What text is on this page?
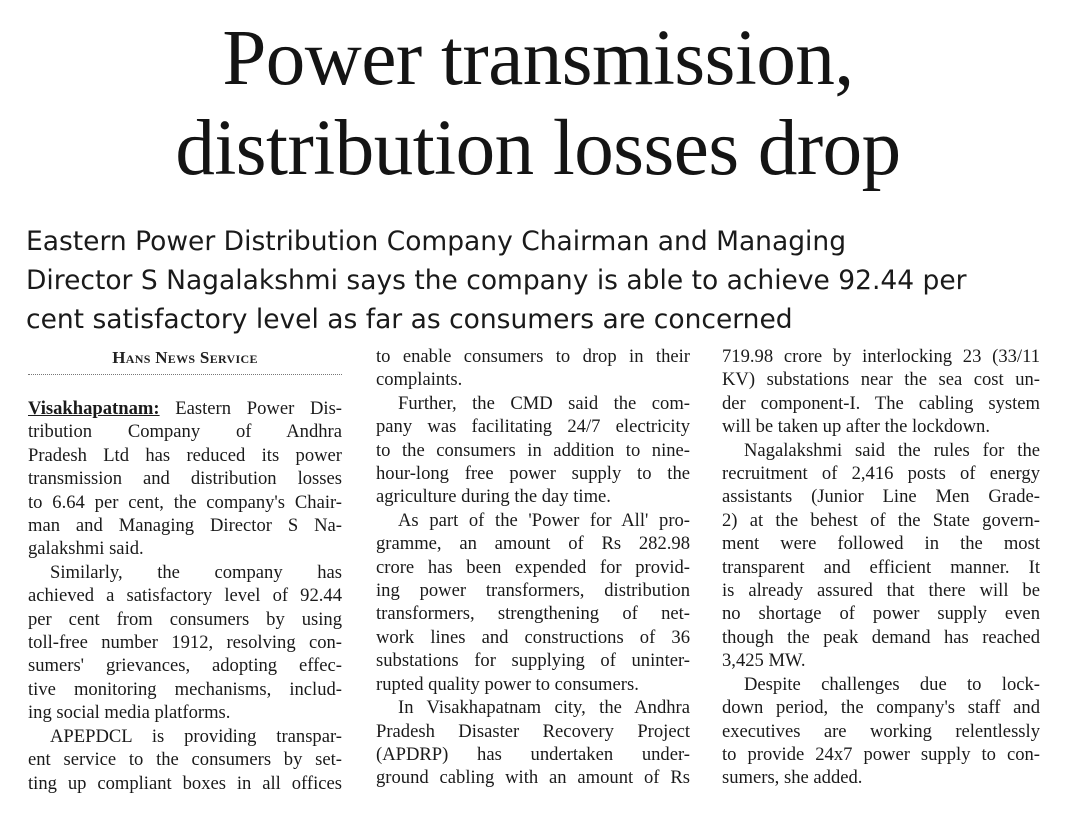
Power transmission,
distribution losses drop
Eastern Power Distribution Company Chairman and Managing
Director S Nagalakshmi says the company is able to achieve 92.44 per
cent satisfactory level as far as consumers are concerned
Hans News Service
Visakhapatnam: Eastern Power Dis-
tribution Company of Andhra
Pradesh Ltd has reduced its power
transmission and distribution losses
to 6.64 per cent, the company's Chair-
man and Managing Director S Na-
galakshmi said.
Similarly, the company has
achieved a satisfactory level of 92.44
per cent from consumers by using
toll-free number 1912, resolving con-
sumers' grievances, adopting effec-
tive monitoring mechanisms, includ-
ing social media platforms.
APEPDCL is providing transpar-
ent service to the consumers by set-
ting up compliant boxes in all offices
to enable consumers to drop in their
complaints.
Further, the CMD said the com-
pany was facilitating 24/7 electricity
to the consumers in addition to nine-
hour-long free power supply to the
agriculture during the day time.
As part of the 'Power for All' pro-
gramme, an amount of Rs 282.98
crore has been expended for provid-
ing power transformers, distribution
transformers, strengthening of net-
work lines and constructions of 36
substations for supplying of uninter-
rupted quality power to consumers.
In Visakhapatnam city, the Andhra
Pradesh Disaster Recovery Project
(APDRP) has undertaken under-
ground cabling with an amount of Rs
719.98 crore by interlocking 23 (33/11
KV) substations near the sea cost un-
der component-I. The cabling system
will be taken up after the lockdown.
Nagalakshmi said the rules for the
recruitment of 2,416 posts of energy
assistants (Junior Line Men Grade-
2) at the behest of the State govern-
ment were followed in the most
transparent and efficient manner. It
is already assured that there will be
no shortage of power supply even
though the peak demand has reached
3,425 MW.
Despite challenges due to lock-
down period, the company's staff and
executives are working relentlessly
to provide 24x7 power supply to con-
sumers, she added.
